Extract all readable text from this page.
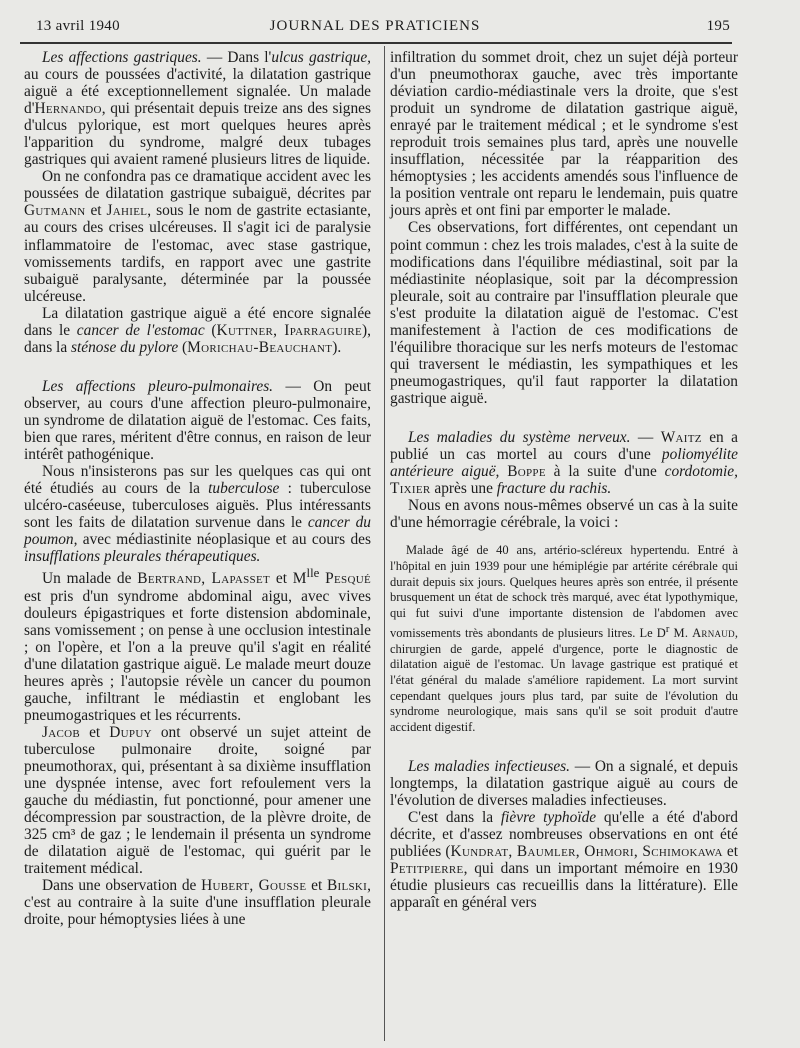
13 avril 1940	JOURNAL DES PRATICIENS	195

Les affections gastriques. — Dans l'ulcus gastrique, au cours de poussées d'activité, la dilatation gastrique aiguë a été exceptionnellement signalée. Un malade d'Hernando, qui présentait depuis treize ans des signes d'ulcus pylorique, est mort quelques heures après l'apparition du syndrome, malgré deux tubages gastriques qui avaient ramené plusieurs litres de liquide.

On ne confondra pas ce dramatique accident avec les poussées de dilatation gastrique subaiguë, décrites par Gutmann et Jahiel, sous le nom de gastrite ectasiante, au cours des crises ulcéreuses. Il s'agit ici de paralysie inflammatoire de l'estomac, avec stase gastrique, vomissements tardifs, en rapport avec une gastrite subaiguë paralysante, déterminée par la poussée ulcéreuse.

La dilatation gastrique aiguë a été encore signalée dans le cancer de l'estomac (Kuttner, Iparraguire), dans la sténose du pylore (Morichau-Beauchant).

Les affections pleuro-pulmonaires. — On peut observer, au cours d'une affection pleuro-pulmonaire, un syndrome de dilatation aiguë de l'estomac. Ces faits, bien que rares, méritent d'être connus, en raison de leur intérêt pathogénique.

Nous n'insisterons pas sur les quelques cas qui ont été étudiés au cours de la tuberculose : tuberculose ulcéro-caséeuse, tuberculoses aiguës. Plus intéressants sont les faits de dilatation survenue dans le cancer du poumon, avec médiastinite néoplasique et au cours des insufflations pleurales thérapeutiques.

Un malade de Bertrand, Lapasset et $M^{lle}$ Pesqué est pris d'un syndrome abdominal aigu, avec vives douleurs épigastriques et forte distension abdominale, sans vomissement ; on pense à une occlusion intestinale ; on l'opère, et l'on a la preuve qu'il s'agit en réalité d'une dilatation gastrique aiguë. Le malade meurt douze heures après ; l'autopsie révèle un cancer du poumon gauche, infiltrant le médiastin et englobant les pneumogastriques et les récurrents.

Jacob et Dupuy ont observé un sujet atteint de tuberculose pulmonaire droite, soigné par pneumothorax, qui, présentant à sa dixième insufflation une dyspnée intense, avec fort refoulement vers la gauche du médiastin, fut ponctionné, pour amener une décompression par soustraction, de la plèvre droite, de 325 cm³ de gaz ; le lendemain il présenta un syndrome de dilatation aiguë de l'estomac, qui guérit par le traitement médical.

Dans une observation de Hubert, Gousse et Bilski, c'est au contraire à la suite d'une insufflation pleurale droite, pour hémoptysies liées à une

infiltration du sommet droit, chez un sujet déjà porteur d'un pneumothorax gauche, avec très importante déviation cardio-médiastinale vers la droite, que s'est produit un syndrome de dilatation gastrique aiguë, enrayé par le traitement médical ; et le syndrome s'est reproduit trois semaines plus tard, après une nouvelle insufflation, nécessitée par la réapparition des hémoptysies ; les accidents amendés sous l'influence de la position ventrale ont reparu le lendemain, puis quatre jours après et ont fini par emporter le malade.

Ces observations, fort différentes, ont cependant un point commun : chez les trois malades, c'est à la suite de modifications dans l'équilibre médiastinal, soit par la médiastinite néoplasique, soit par la décompression pleurale, soit au contraire par l'insufflation pleurale que s'est produite la dilatation aiguë de l'estomac. C'est manifestement à l'action de ces modifications de l'équilibre thoracique sur les nerfs moteurs de l'estomac qui traversent le médiastin, les sympathiques et les pneumogastriques, qu'il faut rapporter la dilatation gastrique aiguë.

Les maladies du système nerveux. — Waitz en a publié un cas mortel au cours d'une poliomyélite antérieure aiguë, Boppe à la suite d'une cordotomie, Tixier après une fracture du rachis.

Nous en avons nous-mêmes observé un cas à la suite d'une hémorragie cérébrale, la voici :

Malade âgé de 40 ans, artério-scléreux hypertendu. Entré à l'hôpital en juin 1939 pour une hémiplégie par artérite cérébrale qui durait depuis six jours. Quelques heures après son entrée, il présente brusquement un état de schock très marqué, avec état lypothymique, qui fut suivi d'une importante distension de l'abdomen avec vomissements très abondants de plusieurs litres. Le $D^r$ M. Arnaud, chirurgien de garde, appelé d'urgence, porte le diagnostic de dilatation aiguë de l'estomac. Un lavage gastrique est pratiqué et l'état général du malade s'améliore rapidement. La mort survint cependant quelques jours plus tard, par suite de l'évolution du syndrome neurologique, mais sans qu'il se soit produit d'autre accident digestif.

Les maladies infectieuses. — On a signalé, et depuis longtemps, la dilatation gastrique aiguë au cours de l'évolution de diverses maladies infectieuses.

C'est dans la fièvre typhoïde qu'elle a été d'abord décrite, et d'assez nombreuses observations en ont été publiées (Kundrat, Baumler, Ohmori, Schimokawa et Petitpierre, qui dans un important mémoire en 1930 étudie plusieurs cas recueillis dans la littérature). Elle apparaît en général vers
